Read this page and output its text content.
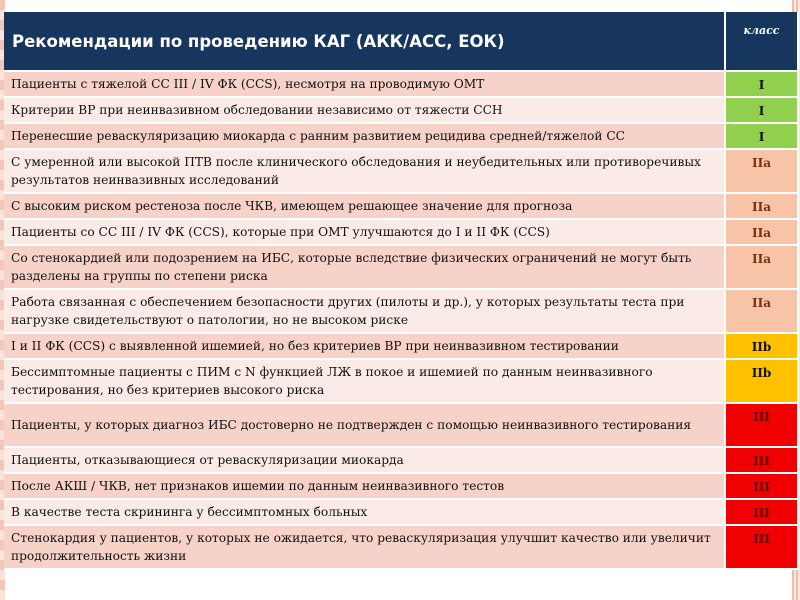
Рекомендации по проведению КАГ (АКК/АСС, ЕОК)	класс
Пациенты с тяжелой СС III / IV ФК (CCS), несмотря на проводимую ОМТ	I
Критерии ВР при неинвазивном обследовании независимо от тяжести ССН	I
Перенесшие реваскуляризацию миокарда с ранним развитием рецидива средней/тяжелой СС	I
С умеренной или высокой ПТВ после клинического обследования и неубедительных или противоречивых результатов неинвазивных исследований	IIa
С высоким риском рестеноза после ЧКВ, имеющем решающее значение для прогноза	IIa
Пациенты со СС III / IV ФК (CCS), которые при ОМТ улучшаются до I и II ФК (CCS)	IIa
Со стенокардией или подозрением на ИБС, которые вследствие физических ограничений не могут быть разделены на группы по степени риска	IIa
Работа связанная с обеспечением безопасности других (пилоты и др.), у которых результаты теста при нагрузке свидетельствуют о патологии, но не высоком риске	IIa
I и II ФК (CCS) с выявленной ишемией, но без критериев ВР при неинвазивном тестировании	IIb
Бессимптомные пациенты с ПИМ с N функцией ЛЖ в покое и ишемией по данным неинвазивного тестирования, но без критериев высокого риска	IIb
Пациенты, у которых диагноз ИБС достоверно не подтвержден с помощью неинвазивного тестирования	III
Пациенты, отказывающиеся от реваскуляризации миокарда	III
После АКШ / ЧКВ, нет признаков ишемии по данным неинвазивного тестов	III
В качестве теста скрининга у бессимптомных больных	III
Стенокардия у пациентов, у которых не ожидается, что реваскуляризация улучшит качество или увеличит продолжительность жизни	III
